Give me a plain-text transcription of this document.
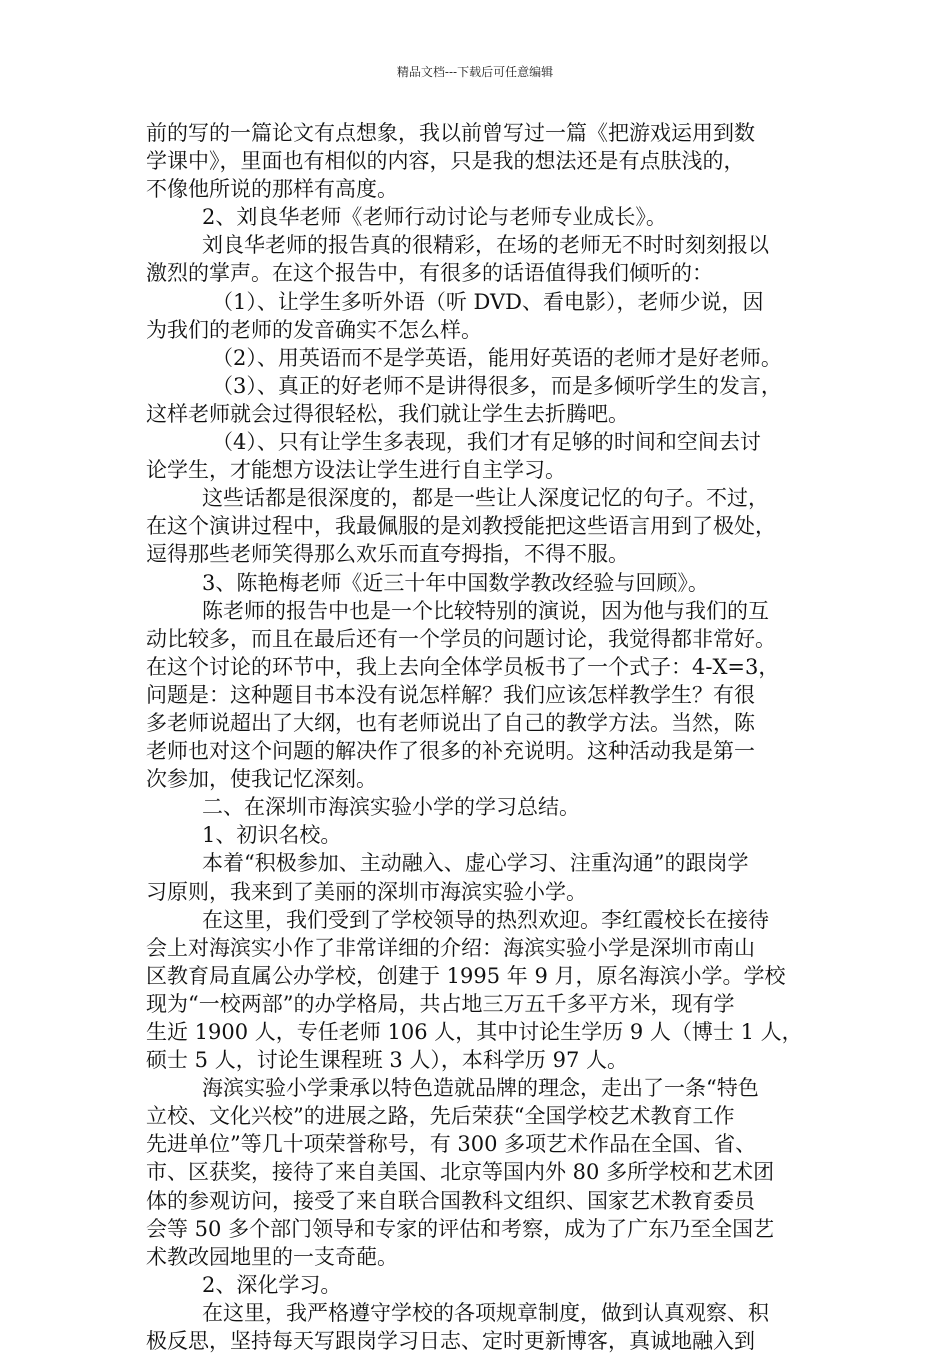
精品文档---下载后可任意编辑
前的写的一篇论文有点想象，我以前曾写过一篇《把游戏运用到数
学课中》，里面也有相似的内容，只是我的想法还是有点肤浅的，
不像他所说的那样有高度。
2、刘良华老师《老师行动讨论与老师专业成长》。
刘良华老师的报告真的很精彩，在场的老师无不时时刻刻报以
激烈的掌声。在这个报告中，有很多的话语值得我们倾听的：
（1）、让学生多听外语（听 DVD、看电影），老师少说，因
为我们的老师的发音确实不怎么样。
（2）、用英语而不是学英语，能用好英语的老师才是好老师。
（3）、真正的好老师不是讲得很多，而是多倾听学生的发言，
这样老师就会过得很轻松，我们就让学生去折腾吧。
（4）、只有让学生多表现，我们才有足够的时间和空间去讨
论学生，才能想方设法让学生进行自主学习。
这些话都是很深度的，都是一些让人深度记忆的句子。不过，
在这个演讲过程中，我最佩服的是刘教授能把这些语言用到了极处，
逗得那些老师笑得那么欢乐而直夸拇指，不得不服。
3、陈艳梅老师《近三十年中国数学教改经验与回顾》。
陈老师的报告中也是一个比较特别的演说，因为他与我们的互
动比较多，而且在最后还有一个学员的问题讨论，我觉得都非常好。
在这个讨论的环节中，我上去向全体学员板书了一个式子：4-X=3，
问题是：这种题目书本没有说怎样解？我们应该怎样教学生？有很
多老师说超出了大纲，也有老师说出了自己的教学方法。当然，陈
老师也对这个问题的解决作了很多的补充说明。这种活动我是第一
次参加，使我记忆深刻。
二、在深圳市海滨实验小学的学习总结。
1、初识名校。
本着“积极参加、主动融入、虚心学习、注重沟通”的跟岗学
习原则，我来到了美丽的深圳市海滨实验小学。
在这里，我们受到了学校领导的热烈欢迎。李红霞校长在接待
会上对海滨实小作了非常详细的介绍：海滨实验小学是深圳市南山
区教育局直属公办学校，创建于 1995 年 9 月，原名海滨小学。学校
现为“一校两部”的办学格局，共占地三万五千多平方米，现有学
生近 1900 人，专任老师 106 人，其中讨论生学历 9 人（博士 1 人，
硕士 5 人，讨论生课程班 3 人），本科学历 97 人。
海滨实验小学秉承以特色造就品牌的理念，走出了一条“特色
立校、文化兴校”的进展之路，先后荣获“全国学校艺术教育工作
先进单位”等几十项荣誉称号，有 300 多项艺术作品在全国、省、
市、区获奖，接待了来自美国、北京等国内外 80 多所学校和艺术团
体的参观访问，接受了来自联合国教科文组织、国家艺术教育委员
会等 50 多个部门领导和专家的评估和考察，成为了广东乃至全国艺
术教改园地里的一支奇葩。
2、深化学习。
在这里，我严格遵守学校的各项规章制度，做到认真观察、积
极反思，坚持每天写跟岗学习日志、定时更新博客，真诚地融入到
